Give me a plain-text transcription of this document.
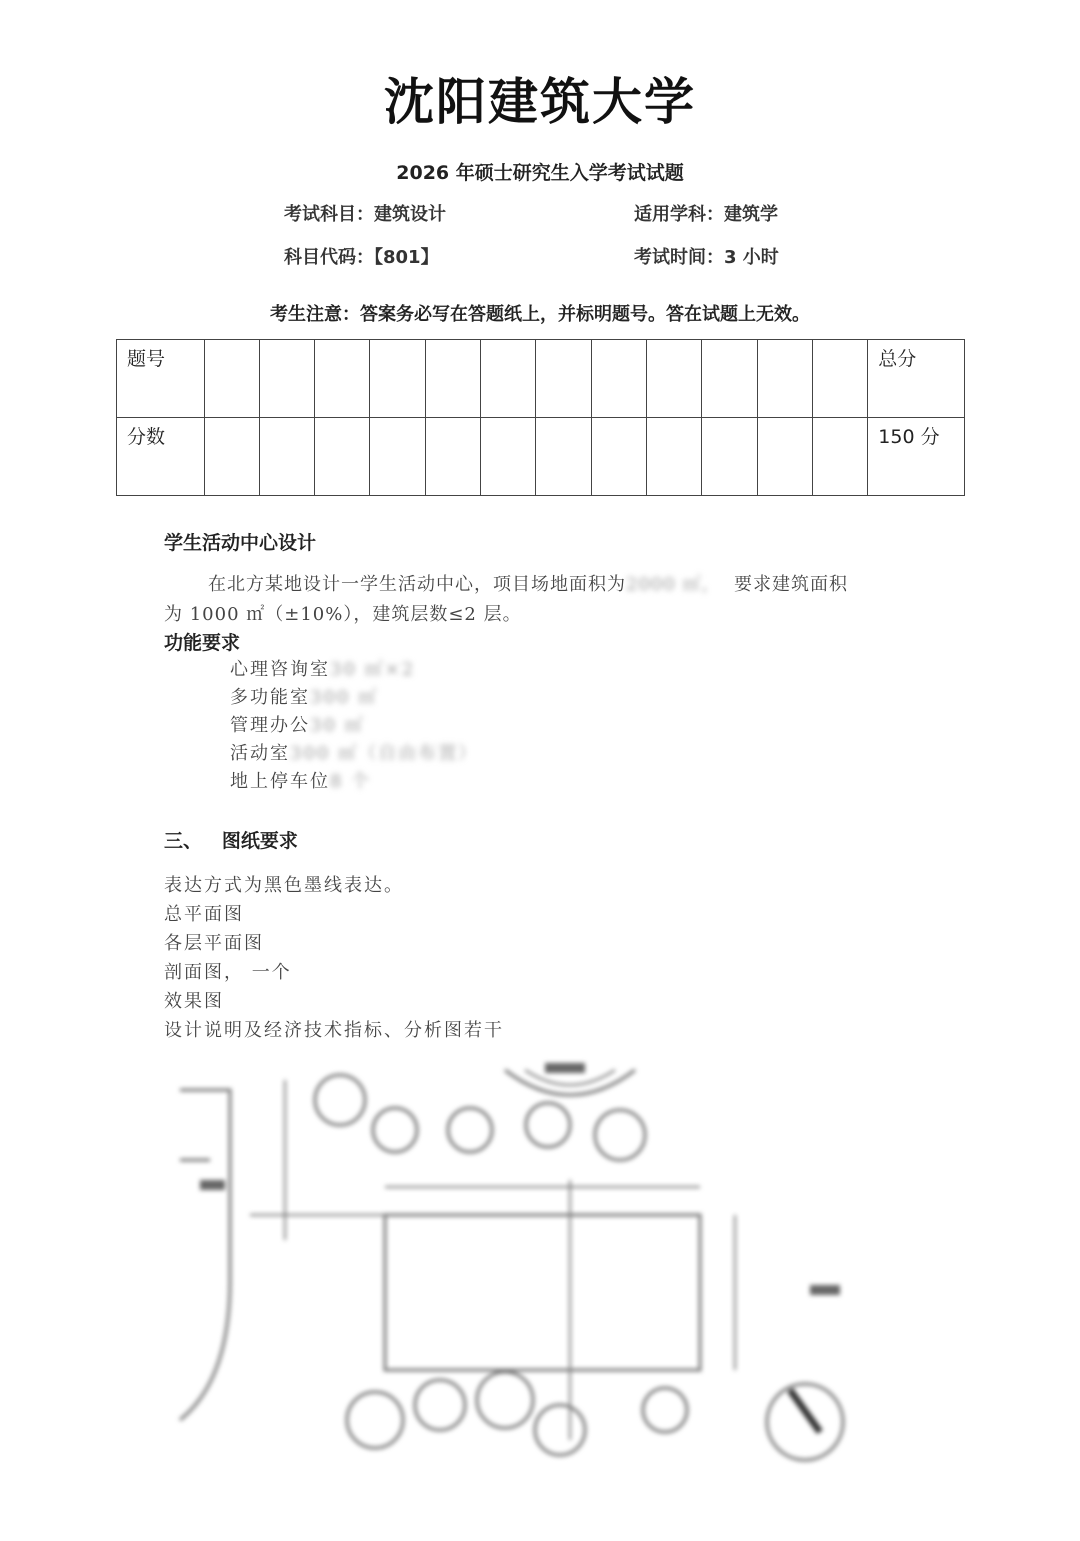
沈阳建筑大学
2026 年硕士研究生入学考试试题
考试科目：建筑设计	适用学科：建筑学
科目代码：【801】	考试时间：3 小时
考生注意：答案务必写在答题纸上，并标明题号。答在试题上无效。
题号													总分
分数													150 分
学生活动中心设计
在北方某地设计一学生活动中心，项目场地面积为2000 ㎡， 要求建筑面积
为 1000 ㎡（±10%），建筑层数≤2 层。
功能要求
心理咨询室30 ㎡×2
多功能室300 ㎡
管理办公30 ㎡
活动室300 ㎡（自由布置）
地上停车位8 个
三、 图纸要求
表达方式为黑色墨线表达。
总平面图
各层平面图
剖面图， 一个
效果图
设计说明及经济技术指标、分析图若干
